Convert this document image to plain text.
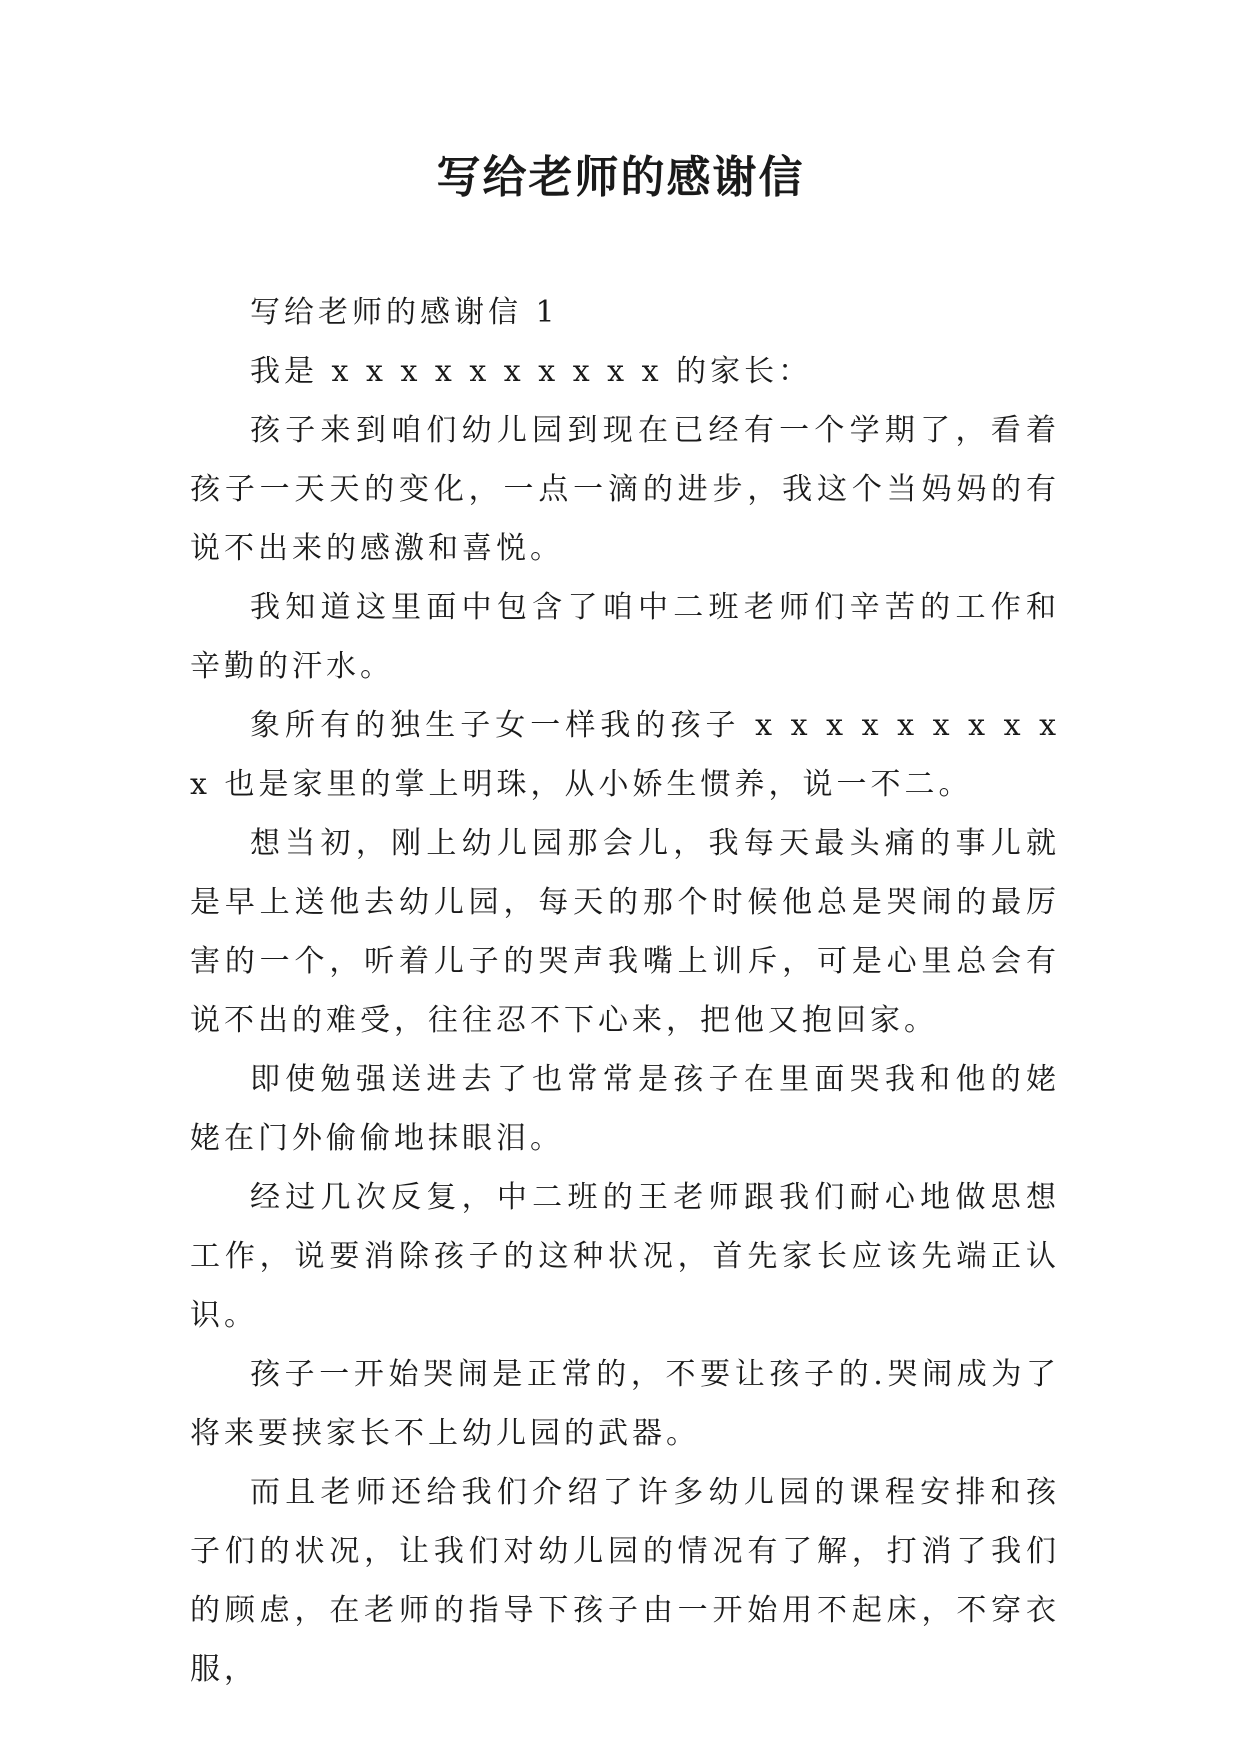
写给老师的感谢信

写给老师的感谢信 1

我是 x x x x x x x x x x 的家长：

孩子来到咱们幼儿园到现在已经有一个学期了，看着孩子一天天的变化，一点一滴的进步，我这个当妈妈的有说不出来的感激和喜悦。

我知道这里面中包含了咱中二班老师们辛苦的工作和辛勤的汗水。

象所有的独生子女一样我的孩子 x x x x x x x x x x 也是家里的掌上明珠，从小娇生惯养，说一不二。

想当初，刚上幼儿园那会儿，我每天最头痛的事儿就是早上送他去幼儿园，每天的那个时候他总是哭闹的最厉害的一个，听着儿子的哭声我嘴上训斥，可是心里总会有说不出的难受，往往忍不下心来，把他又抱回家。

即使勉强送进去了也常常是孩子在里面哭我和他的姥姥在门外偷偷地抹眼泪。

经过几次反复，中二班的王老师跟我们耐心地做思想工作，说要消除孩子的这种状况，首先家长应该先端正认识。

孩子一开始哭闹是正常的，不要让孩子的.哭闹成为了将来要挟家长不上幼儿园的武器。

而且老师还给我们介绍了许多幼儿园的课程安排和孩子们的状况，让我们对幼儿园的情况有了解，打消了我们的顾虑，在老师的指导下孩子由一开始用不起床，不穿衣服，
